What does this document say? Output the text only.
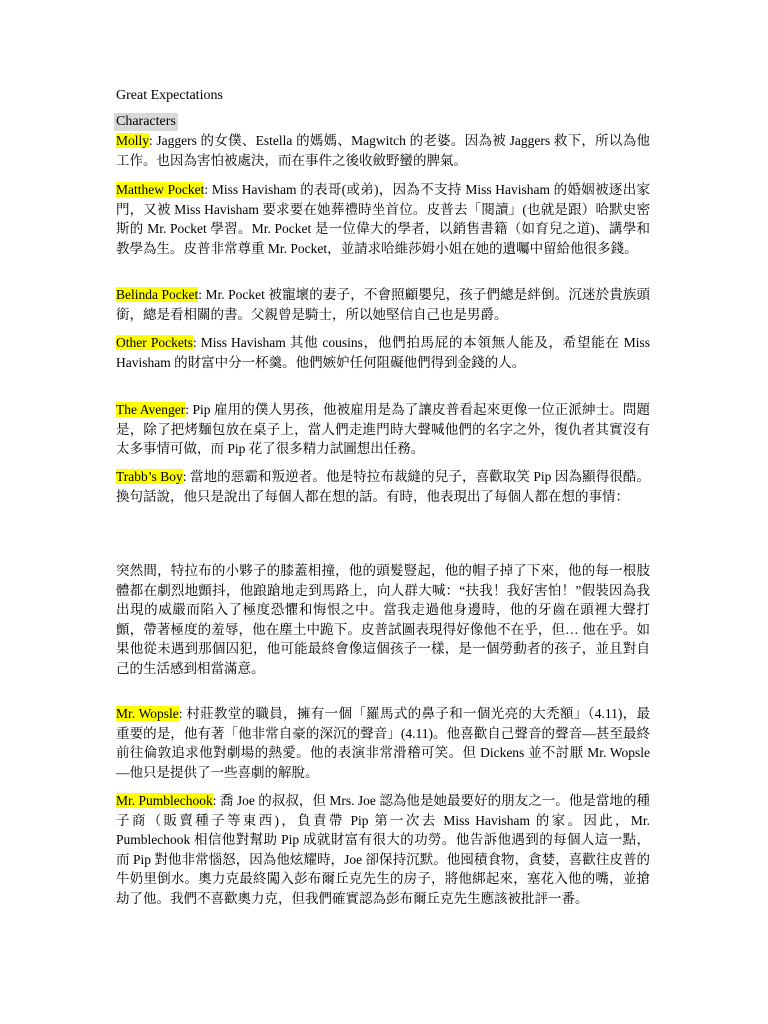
Great Expectations
Characters

Molly: Jaggers 的女僕、Estella 的媽媽、Magwitch 的老婆。因為被 Jaggers 救下，所以為他工作。也因為害怕被處決，而在事件之後收斂野蠻的脾氣。

Matthew Pocket: Miss Havisham 的表哥(或弟)，因為不支持 Miss Havisham 的婚姻被逐出家門，又被 Miss Havisham 要求要在她葬禮時坐首位。皮普去「閱讀」(也就是跟）哈默史密斯的 Mr. Pocket 學習。Mr. Pocket 是一位偉大的學者，以銷售書籍（如育兒之道)、講學和教學為生。皮普非常尊重 Mr. Pocket，並請求哈維莎姆小姐在她的遺囑中留給他很多錢。

Belinda Pocket: Mr. Pocket 被寵壞的妻子，不會照顧嬰兒，孩子們總是絆倒。沉迷於貴族頭銜，總是看相關的書。父親曾是騎士，所以她堅信自己也是男爵。

Other Pockets: Miss Havisham 其他 cousins，他們拍馬屁的本領無人能及，希望能在 Miss Havisham 的財富中分一杯羹。他們嫉妒任何阻礙他們得到金錢的人。

The Avenger: Pip 雇用的僕人男孩，他被雇用是為了讓皮普看起來更像一位正派紳士。問題是，除了把烤麵包放在桌子上，當人們走進門時大聲喊他們的名字之外，復仇者其實沒有太多事情可做，而 Pip 花了很多精力試圖想出任務。

Trabb’s Boy: 當地的惡霸和叛逆者。他是特拉布裁縫的兒子，喜歡取笑 Pip 因為顯得很酷。換句話說，他只是說出了每個人都在想的話。有時，他表現出了每個人都在想的事情：

突然間，特拉布的小夥子的膝蓋相撞，他的頭髮豎起，他的帽子掉了下來，他的每一根肢體都在劇烈地顫抖，他踉蹌地走到馬路上，向人群大喊：“扶我！我好害怕！”假裝因為我出現的威嚴而陷入了極度恐懼和悔恨之中。當我走過他身邊時，他的牙齒在頭裡大聲打顫，帶著極度的羞辱，他在塵土中跪下。皮普試圖表現得好像他不在乎，但… 他在乎。如果他從未遇到那個囚犯，他可能最終會像這個孩子一樣，是一個勞動者的孩子，並且對自己的生活感到相當滿意。

Mr. Wopsle: 村莊教堂的職員，擁有一個「羅馬式的鼻子和一個光亮的大禿額」（4.11)，最重要的是，他有著「他非常自豪的深沉的聲音」(4.11)。他喜歡自己聲音的聲音—甚至最終前往倫敦追求他對劇場的熱愛。他的表演非常滑稽可笑。但 Dickens 並不討厭 Mr. Wopsle—他只是提供了一些喜劇的解脫。

Mr. Pumblechook: 喬 Joe 的叔叔，但 Mrs. Joe 認為他是她最要好的朋友之一。他是當地的種子商（販賣種子等東西)，負責帶 Pip 第一次去 Miss Havisham 的家。因此，Mr. Pumblechook 相信他對幫助 Pip 成就財富有很大的功勞。他告訴他遇到的每個人這一點，而 Pip 對他非常惱怒，因為他炫耀時，Joe 卻保持沉默。他囤積食物，貪婪，喜歡往皮普的牛奶里倒水。奧力克最終闖入彭布爾丘克先生的房子，將他綁起來，塞花入他的嘴，並搶劫了他。我們不喜歡奧力克，但我們確實認為彭布爾丘克先生應該被批評一番。
